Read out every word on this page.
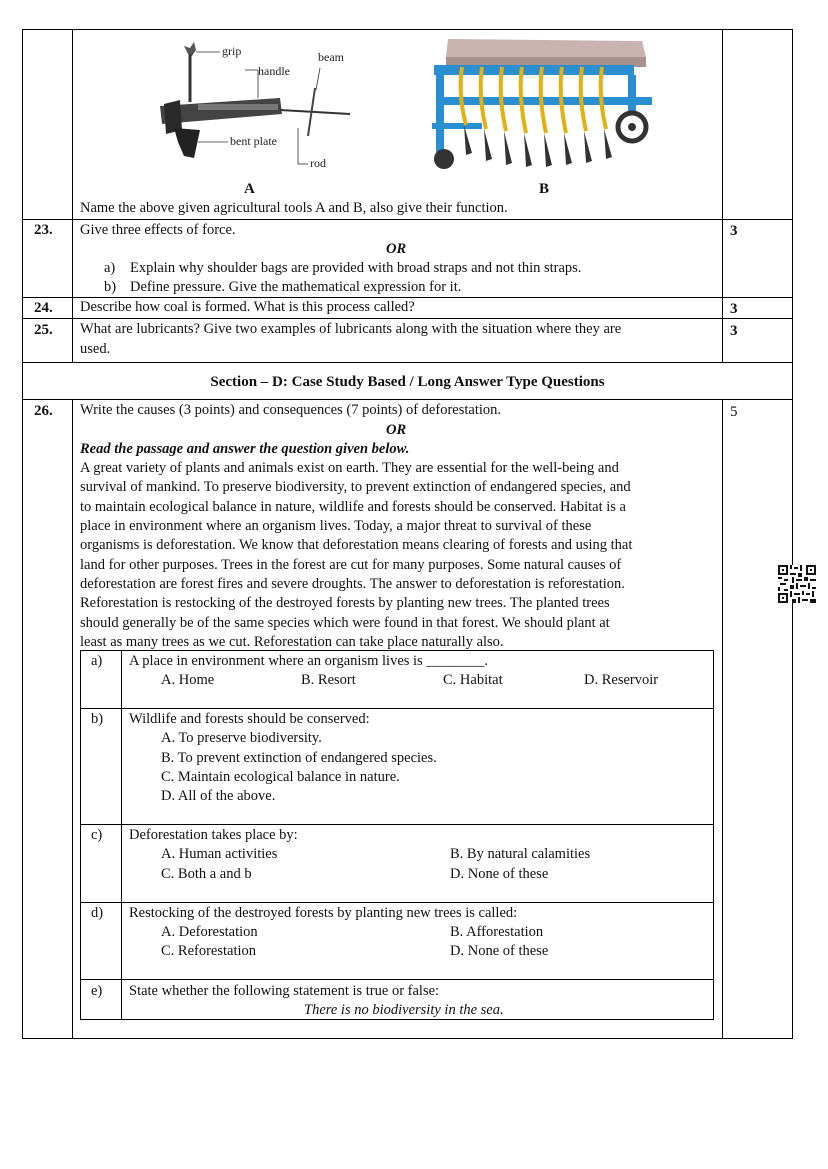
grip
handle
beam
bent plate
rod
A	B
Name the above given agricultural tools A and B, also give their function.
23. Give three effects of force.
OR
a) Explain why shoulder bags are provided with broad straps and not thin straps.
b) Define pressure. Give the mathematical expression for it.
3
24. Describe how coal is formed. What is this process called?	3
25. What are lubricants? Give two examples of lubricants along with the situation where they are
used.
3
Section – D: Case Study Based / Long Answer Type Questions
26. Write the causes (3 points) and consequences (7 points) of deforestation.	5
OR
Read the passage and answer the question given below.
A great variety of plants and animals exist on earth. They are essential for the well-being and
survival of mankind. To preserve biodiversity, to prevent extinction of endangered species, and
to maintain ecological balance in nature, wildlife and forests should be conserved. Habitat is a
place in environment where an organism lives. Today, a major threat to survival of these
organisms is deforestation. We know that deforestation means clearing of forests and using that
land for other purposes. Trees in the forest are cut for many purposes. Some natural causes of
deforestation are forest fires and severe droughts. The answer to deforestation is reforestation.
Reforestation is restocking of the destroyed forests by planting new trees. The planted trees
should generally be of the same species which were found in that forest. We should plant at
least as many trees as we cut. Reforestation can take place naturally also.
a) A place in environment where an organism lives is ________.
A. Home	B. Resort	C. Habitat	D. Reservoir
b) Wildlife and forests should be conserved:
A. To preserve biodiversity.
B. To prevent extinction of endangered species.
C. Maintain ecological balance in nature.
D. All of the above.
c) Deforestation takes place by:
A. Human activities	B. By natural calamities
C. Both a and b	D. None of these
d) Restocking of the destroyed forests by planting new trees is called:
A. Deforestation	B. Afforestation
C. Reforestation	D. None of these
e) State whether the following statement is true or false:
There is no biodiversity in the sea.
